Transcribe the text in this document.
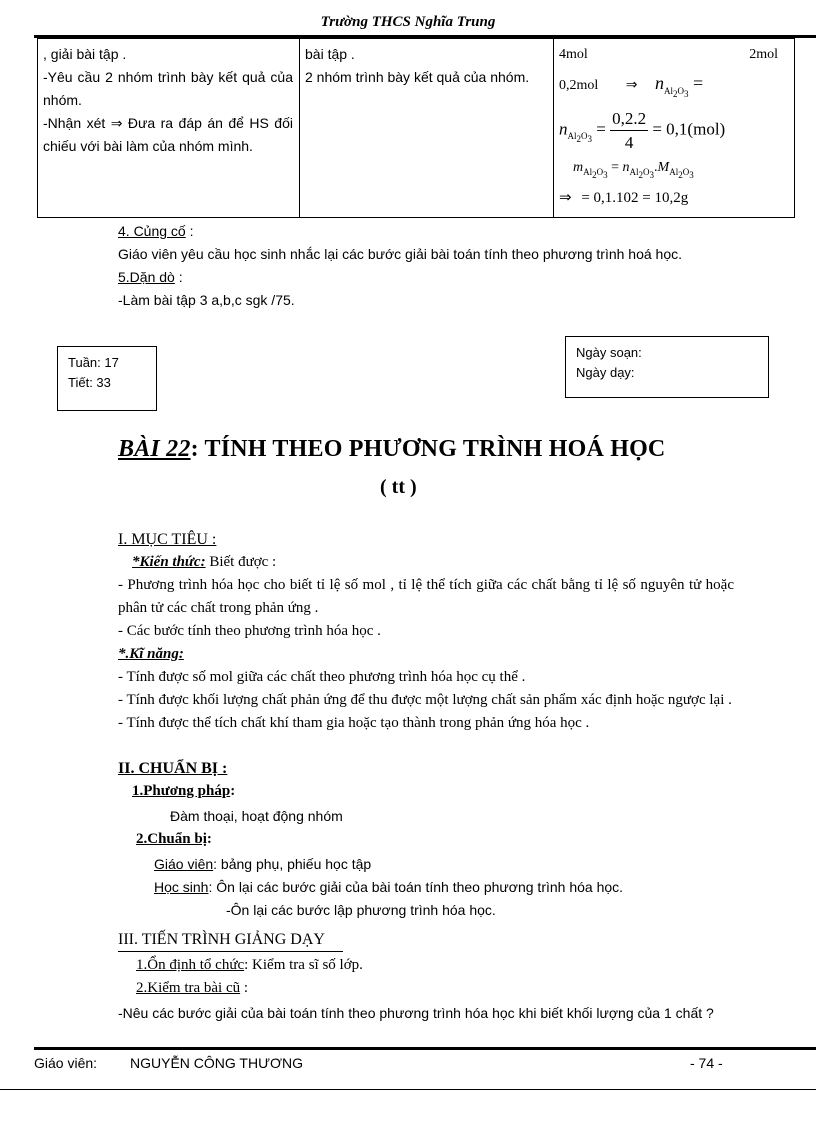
Trường THCS Nghĩa Trung
, giải bài tập .
-Yêu cầu 2 nhóm trình bày kết quả của nhóm.
-Nhận xét ⇒ Đưa ra đáp án để HS đối chiếu với bài làm của nhóm mình.

bài tập .
2 nhóm trình bày kết quả của nhóm.

4mol	2mol
0,2mol ⇒ $n_{Al_2O_3}$ =
$n_{Al_2O_3} = \frac{0,2.2}{4} = 0,1(mol)$
$m_{Al_2O_3} = n_{Al_2O_3}.M_{Al_2O_3}$
⇒ = 0,1.102 = 10,2g
4. Củng cố :
Giáo viên yêu cầu học sinh nhắc lại các bước giải bài toán tính theo phương trình hoá học.
5.Dặn dò :
-Làm bài tập 3 a,b,c sgk /75.
Tuần: 17
Tiết: 33
Ngày soạn:
Ngày dạy:
BÀI 22: TÍNH THEO PHƯƠNG TRÌNH HOÁ HỌC
( tt )
I. MỤC TIÊU :
*Kiến thức: Biết được :
- Phương trình hóa học cho biết tỉ lệ số mol , tỉ lệ thể tích giữa các chất bằng tỉ lệ số nguyên tử hoặc phân tử các chất trong phản ứng .
- Các bước tính theo phương trình hóa học .
*.Kĩ năng:
- Tính được số mol giữa các chất theo phương trình hóa học cụ thể .
- Tính được khối lượng chất phản ứng để thu được một lượng chất sản phẩm xác định hoặc ngược lại .
- Tính được thể tích chất khí tham gia hoặc tạo thành trong phản ứng hóa học .
II. CHUẨN BỊ :
1.Phương pháp:
Đàm thoại, hoạt động nhóm
2.Chuẩn bị:
Giáo viên: bảng phụ, phiếu học tập
Học sinh: Ôn lại các bước giải của bài toán tính theo phương trình hóa học.
-Ôn lại các bước lập phương trình hóa học.
III. TIẾN TRÌNH GIẢNG DẠY
1.Ổn định tổ chức: Kiểm tra sĩ số lớp.
2.Kiểm tra bài cũ :
-Nêu các bước giải của bài toán tính theo phương trình hóa học khi biết khối lượng của 1 chất ?
Giáo viên: NGUYỄN CÔNG THƯƠNG	- 74 -
